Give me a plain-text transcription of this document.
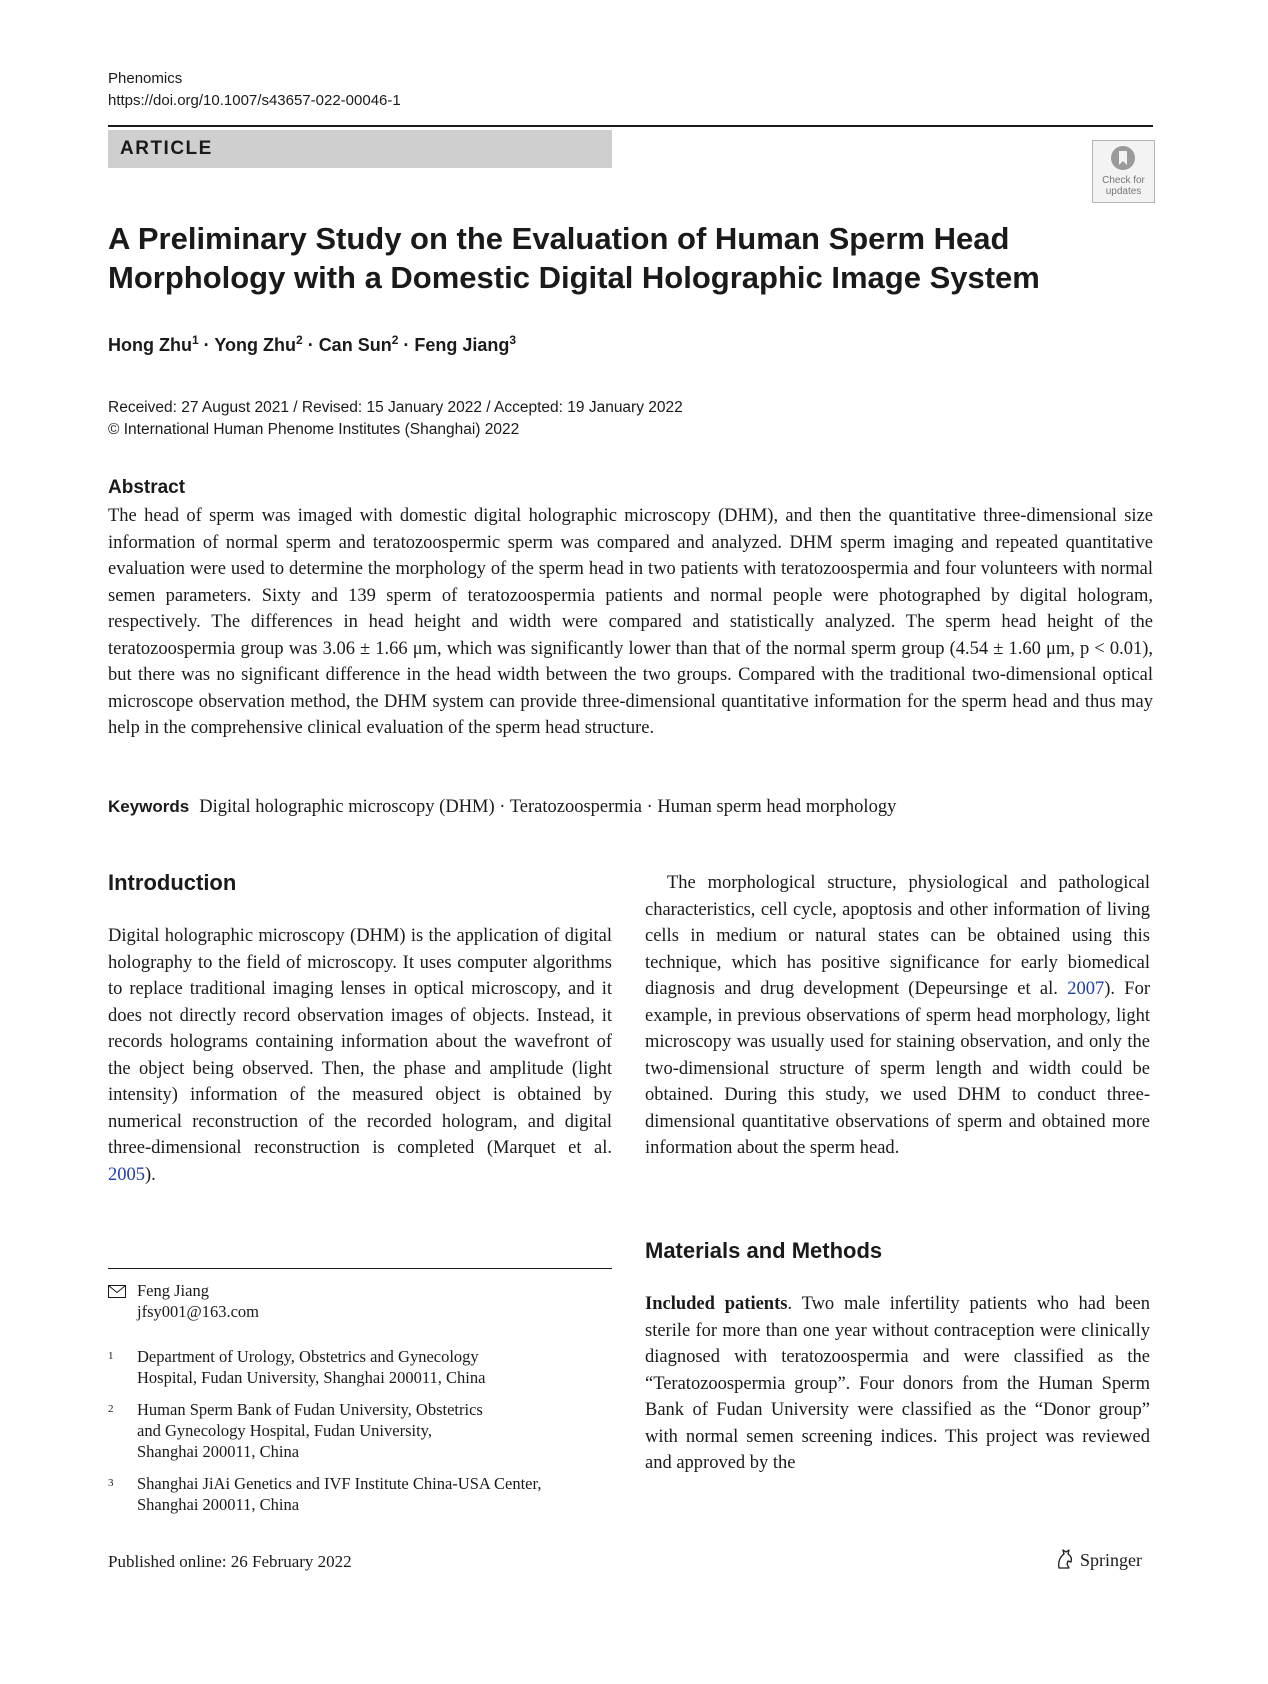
Phenomics
https://doi.org/10.1007/s43657-022-00046-1
ARTICLE
Check for
updates
A Preliminary Study on the Evaluation of Human Sperm Head
Morphology with a Domestic Digital Holographic Image System
Hong Zhu$^1$ · Yong Zhu$^2$ · Can Sun$^2$ · Feng Jiang$^3$
Received: 27 August 2021 / Revised: 15 January 2022 / Accepted: 19 January 2022
© International Human Phenome Institutes (Shanghai) 2022
Abstract
The head of sperm was imaged with domestic digital holographic microscopy (DHM), and then the quantitative three-dimensional size information of normal sperm and teratozoospermic sperm was compared and analyzed. DHM sperm imaging and repeated quantitative evaluation were used to determine the morphology of the sperm head in two patients with teratozoospermia and four volunteers with normal semen parameters. Sixty and 139 sperm of teratozoospermia patients and normal people were photographed by digital hologram, respectively. The differences in head height and width were compared and statistically analyzed. The sperm head height of the teratozoospermia group was 3.06 ± 1.66 μm, which was significantly lower than that of the normal sperm group (4.54 ± 1.60 μm, p < 0.01), but there was no significant difference in the head width between the two groups. Compared with the traditional two-dimensional optical microscope observation method, the DHM system can provide three-dimensional quantitative information for the sperm head and thus may help in the comprehensive clinical evaluation of the sperm head structure.
Keywords Digital holographic microscopy (DHM) · Teratozoospermia · Human sperm head morphology
Introduction
Digital holographic microscopy (DHM) is the application of digital holography to the field of microscopy. It uses computer algorithms to replace traditional imaging lenses in optical microscopy, and it does not directly record observation images of objects. Instead, it records holograms containing information about the wavefront of the object being observed. Then, the phase and amplitude (light intensity) information of the measured object is obtained by numerical reconstruction of the recorded hologram, and digital three-dimensional reconstruction is completed (Marquet et al. 2005).
The morphological structure, physiological and pathological characteristics, cell cycle, apoptosis and other information of living cells in medium or natural states can be obtained using this technique, which has positive significance for early biomedical diagnosis and drug development (Depeursinge et al. 2007). For example, in previous observations of sperm head morphology, light microscopy was usually used for staining observation, and only the two-dimensional structure of sperm length and width could be obtained. During this study, we used DHM to conduct three-dimensional quantitative observations of sperm and obtained more information about the sperm head.
Materials and Methods
Included patients. Two male infertility patients who had been sterile for more than one year without contraception were clinically diagnosed with teratozoospermia and were classified as the “Teratozoospermia group”. Four donors from the Human Sperm Bank of Fudan University were classified as the “Donor group” with normal semen screening indices. This project was reviewed and approved by the
Feng Jiang
jfsy001@163.com
1 Department of Urology, Obstetrics and Gynecology
Hospital, Fudan University, Shanghai 200011, China
2 Human Sperm Bank of Fudan University, Obstetrics
and Gynecology Hospital, Fudan University,
Shanghai 200011, China
3 Shanghai JiAi Genetics and IVF Institute China-USA Center,
Shanghai 200011, China
Published online: 26 February 2022	Springer
